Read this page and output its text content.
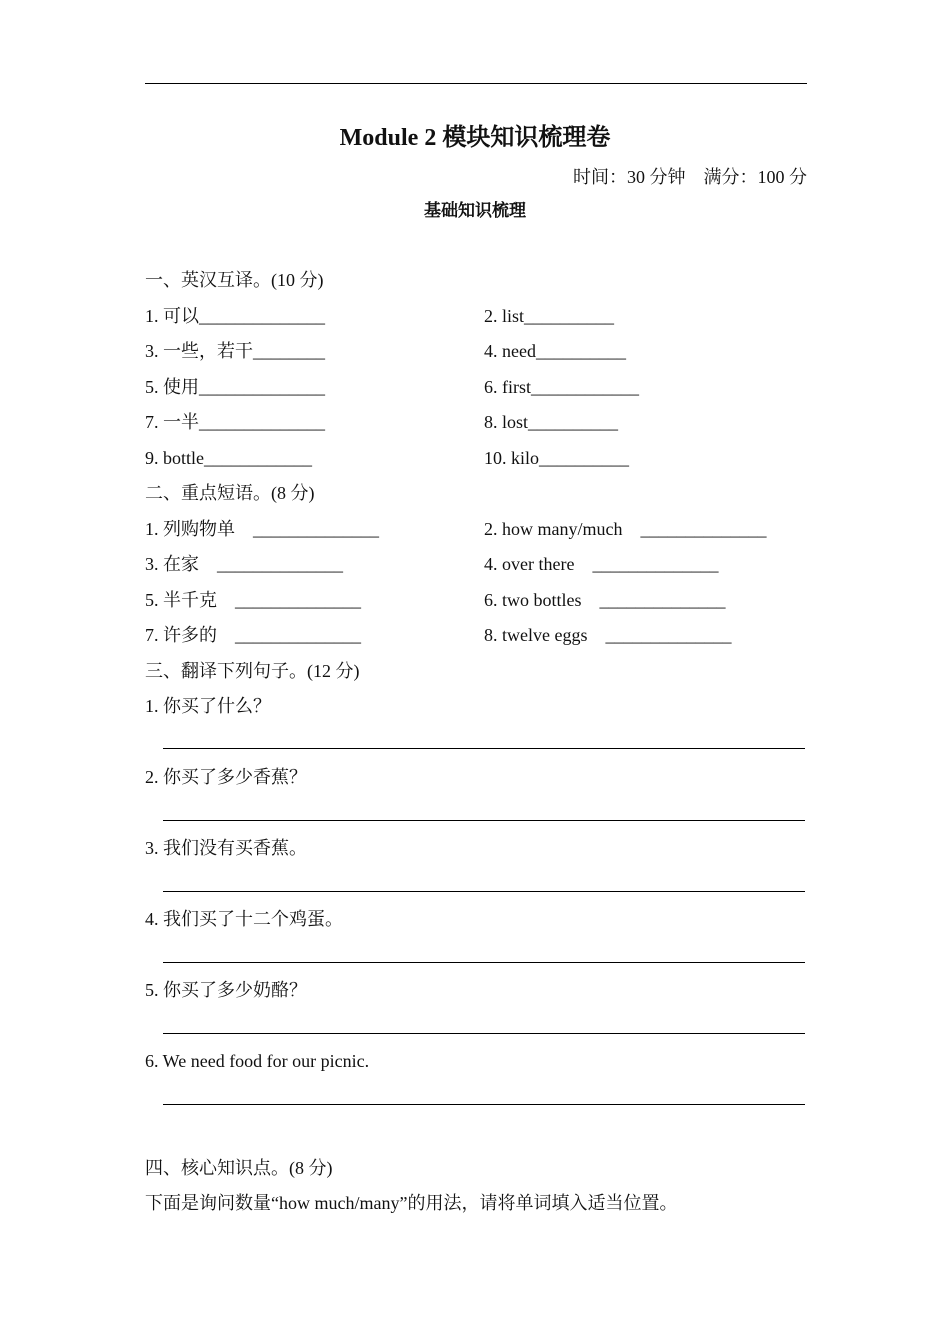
Module 2 模块知识梳理卷
时间：30 分钟 满分：100 分
基础知识梳理
一、英汉互译。(10 分)
1. 可以______________	2. list__________
3. 一些，若干________	4. need__________
5. 使用______________	6. first____________
7. 一半______________	8. lost__________
9. bottle____________	10. kilo__________
二、重点短语。(8 分)
1. 列购物单    ______________	2. how many/much    ______________
3. 在家    ______________	4. over there    ______________
5. 半千克    ______________	6. two bottles    ______________
7. 许多的    ______________	8. twelve eggs    ______________
三、翻译下列句子。(12 分)
1. 你买了什么？
2. 你买了多少香蕉？
3. 我们没有买香蕉。
4. 我们买了十二个鸡蛋。
5. 你买了多少奶酪？
6. We need food for our picnic.
四、核心知识点。(8 分)
下面是询问数量“how much/many”的用法，请将单词填入适当位置。
